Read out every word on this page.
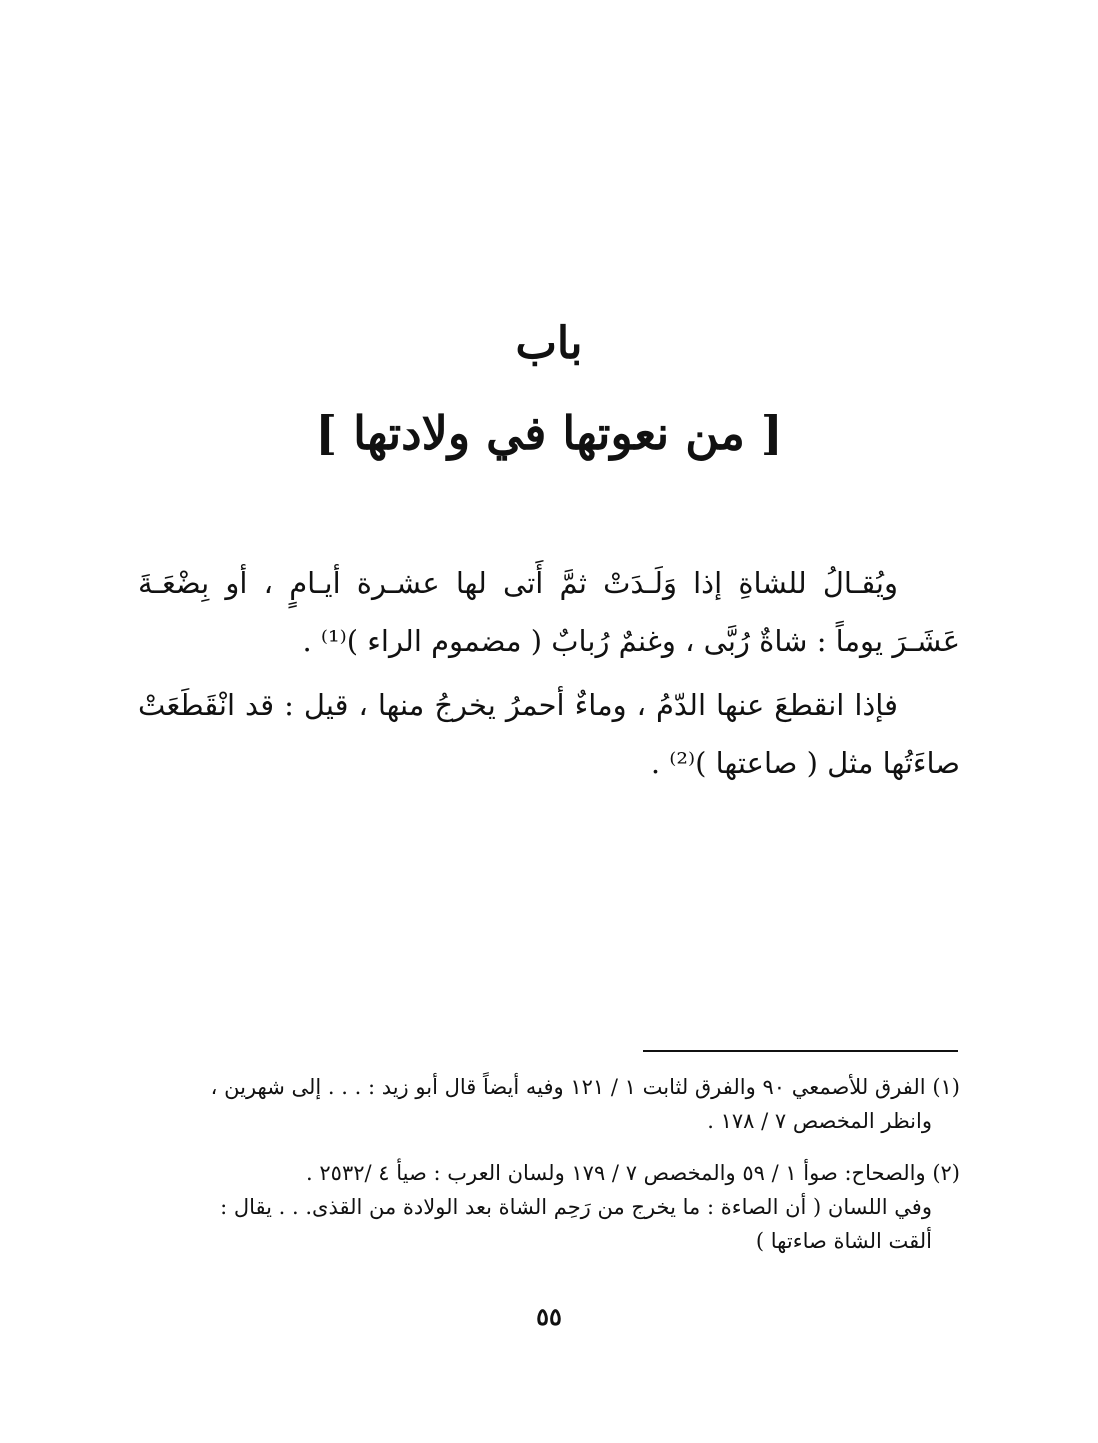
باب
[ من نعوتها في ولادتها ]

ويُقـالُ للشاةِ إذا وَلَـدَتْ ثمَّ أَتى لها عشـرة أيـامٍ ، أو بِضْعَـةَ عَشَـرَ يوماً : شاةٌ رُبَّى ، وغنمٌ رُبابٌ ( مضموم الراء )⁽¹⁾ .

فإذا انقطعَ عنها الدّمُ ، وماءٌ أحمرُ يخرجُ منها ، قيل : قد انْقَطَعَتْ صاءَتُها مثل ( صاعتها )⁽²⁾ .

(١) الفرق للأصمعي ٩٠ والفرق لثابت ١ / ١٢١ وفيه أيضاً قال أبو زيد : . . . إلى شهرين ،
وانظر المخصص ٧ / ١٧٨ .
(٢) والصحاح: صوأ ١ / ٥٩ والمخصص ٧ / ١٧٩ ولسان العرب : صيأ ٤ /٢٥٣٢ .
وفي اللسان ( أن الصاءة : ما يخرج من رَحِم الشاة بعد الولادة من القذى. . . يقال :
ألقت الشاة صاءتها )
٥٥
